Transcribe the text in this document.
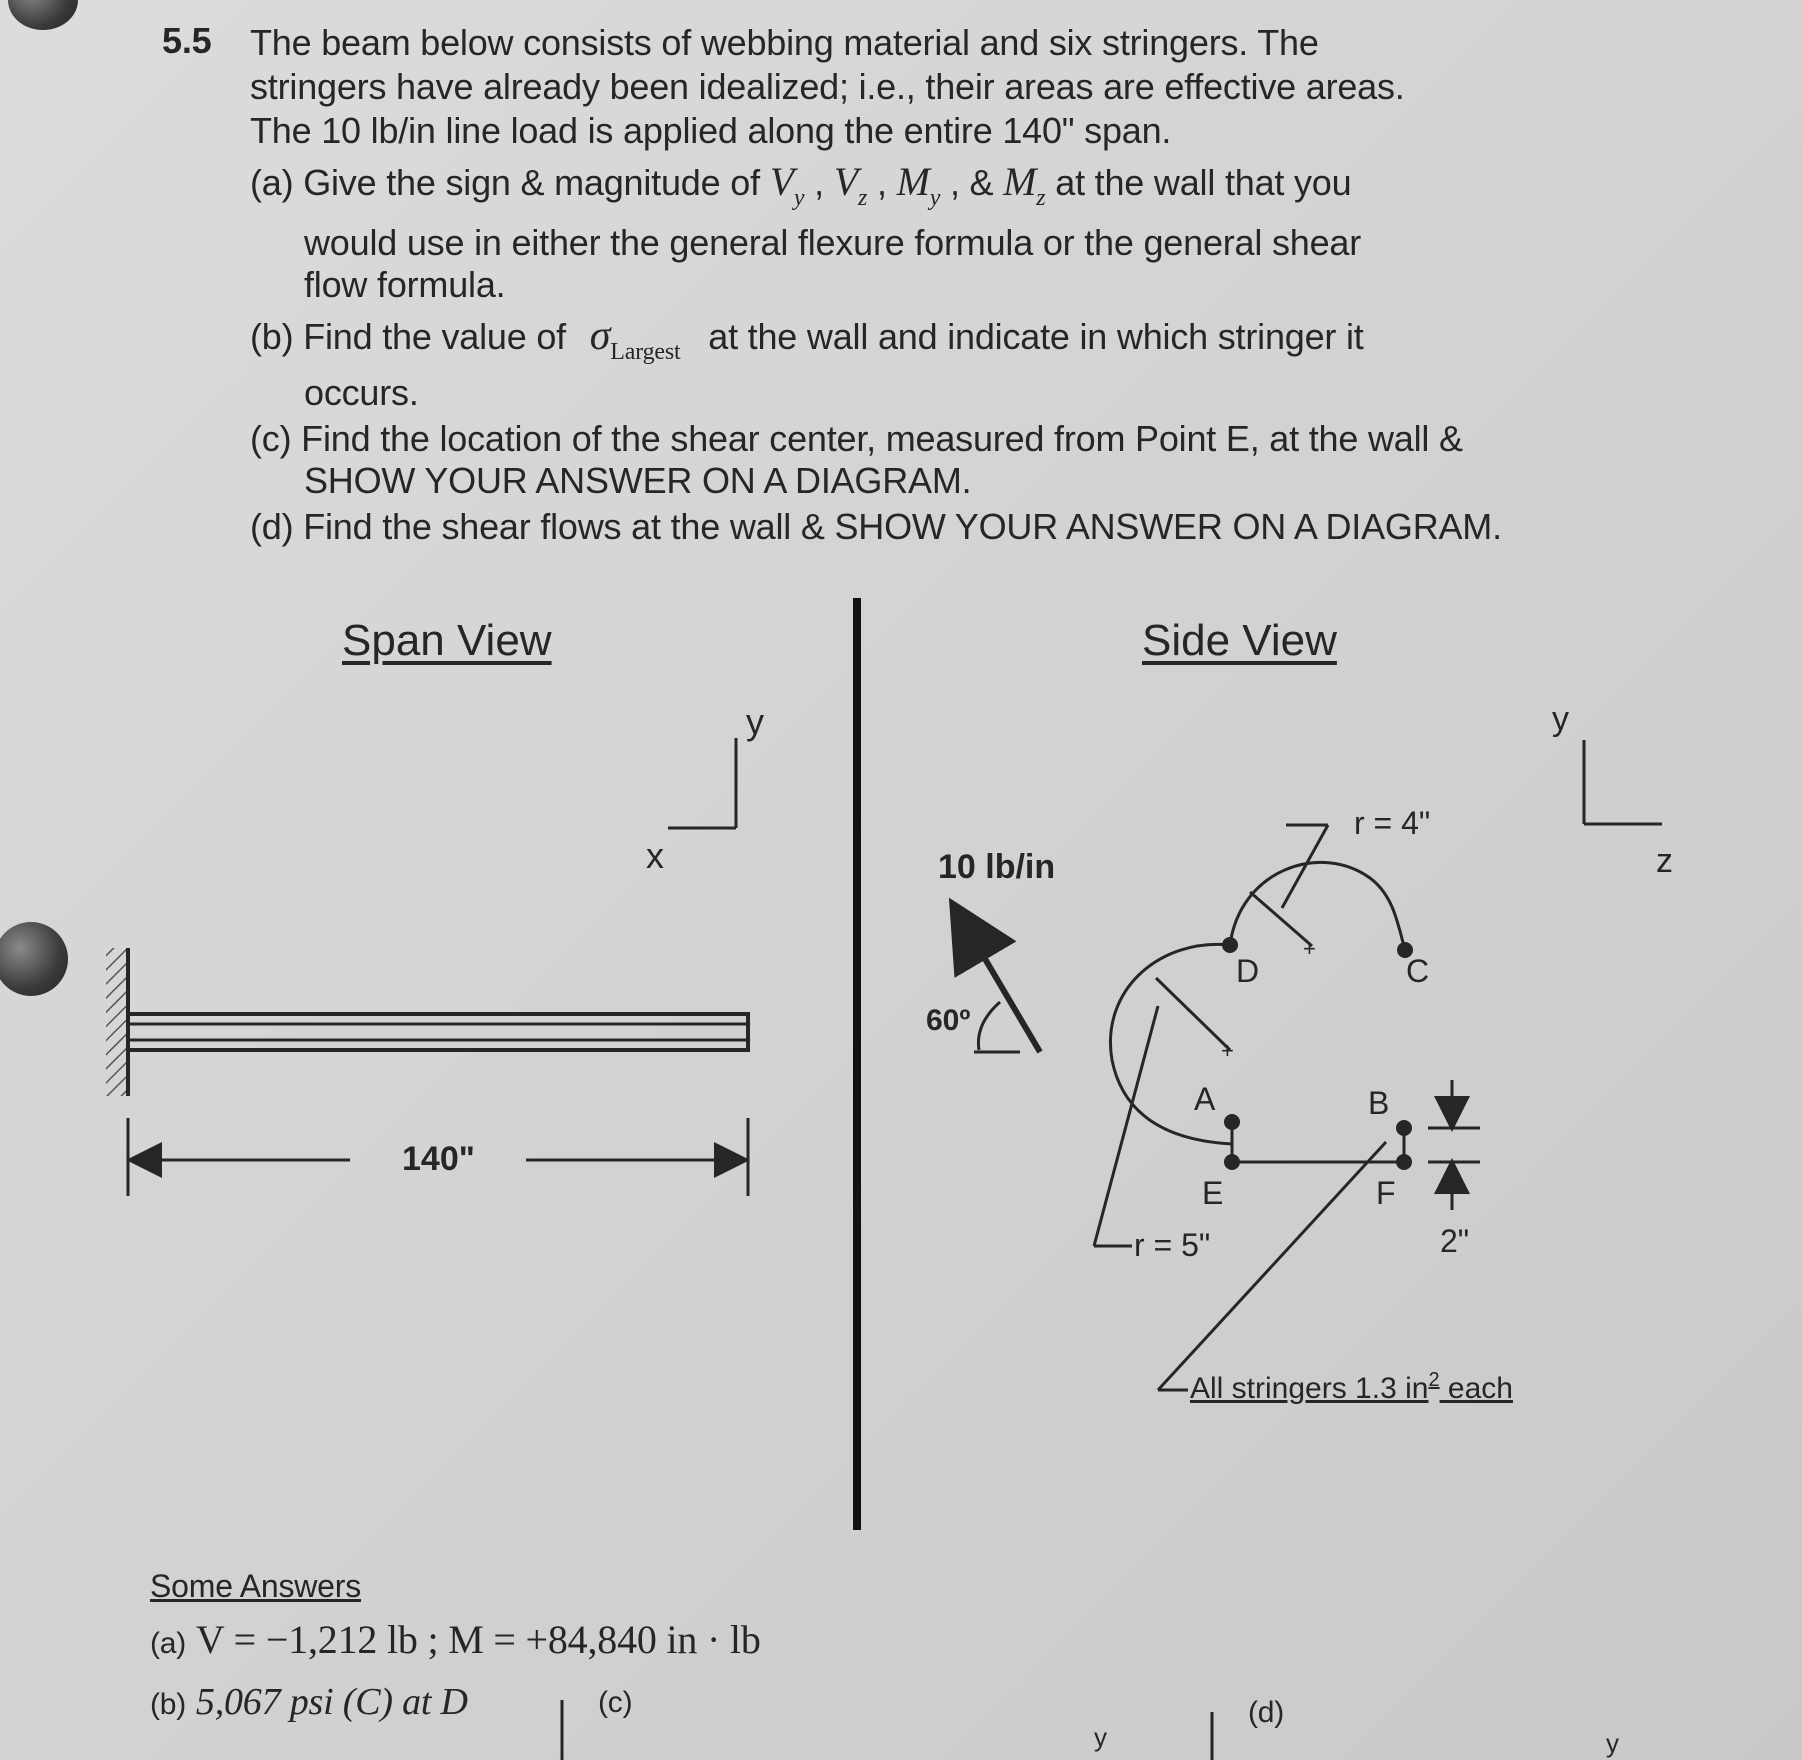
5.5 The beam below consists of webbing material and six stringers. The
stringers have already been idealized; i.e., their areas are effective areas.
The 10 lb/in line load is applied along the entire 140" span.
(a) Give the sign & magnitude of $V_y$ , $V_z$ , $M_y$ , & $M_z$ at the wall that you
would use in either the general flexure formula or the general shear
flow formula.
(b) Find the value of $\sigma_{Largest}$ at the wall and indicate in which stringer it
occurs.
(c) Find the location of the shear center, measured from Point E, at the wall &
SHOW YOUR ANSWER ON A DIAGRAM.
(d) Find the shear flows at the wall & SHOW YOUR ANSWER ON A DIAGRAM.
Span View	Side View
y
x
140"
y
z
10 lb/in
60º
+
+
A	B
C
D
E	F
r = 4"
r = 5"	2"
All stringers 1.3 $in^2$ each
y	y
Some Answers
(a) V = −1,212 lb ; M = +84,840 in · lb
(b) 5,067 psi (C) at D	(c)	(d)
